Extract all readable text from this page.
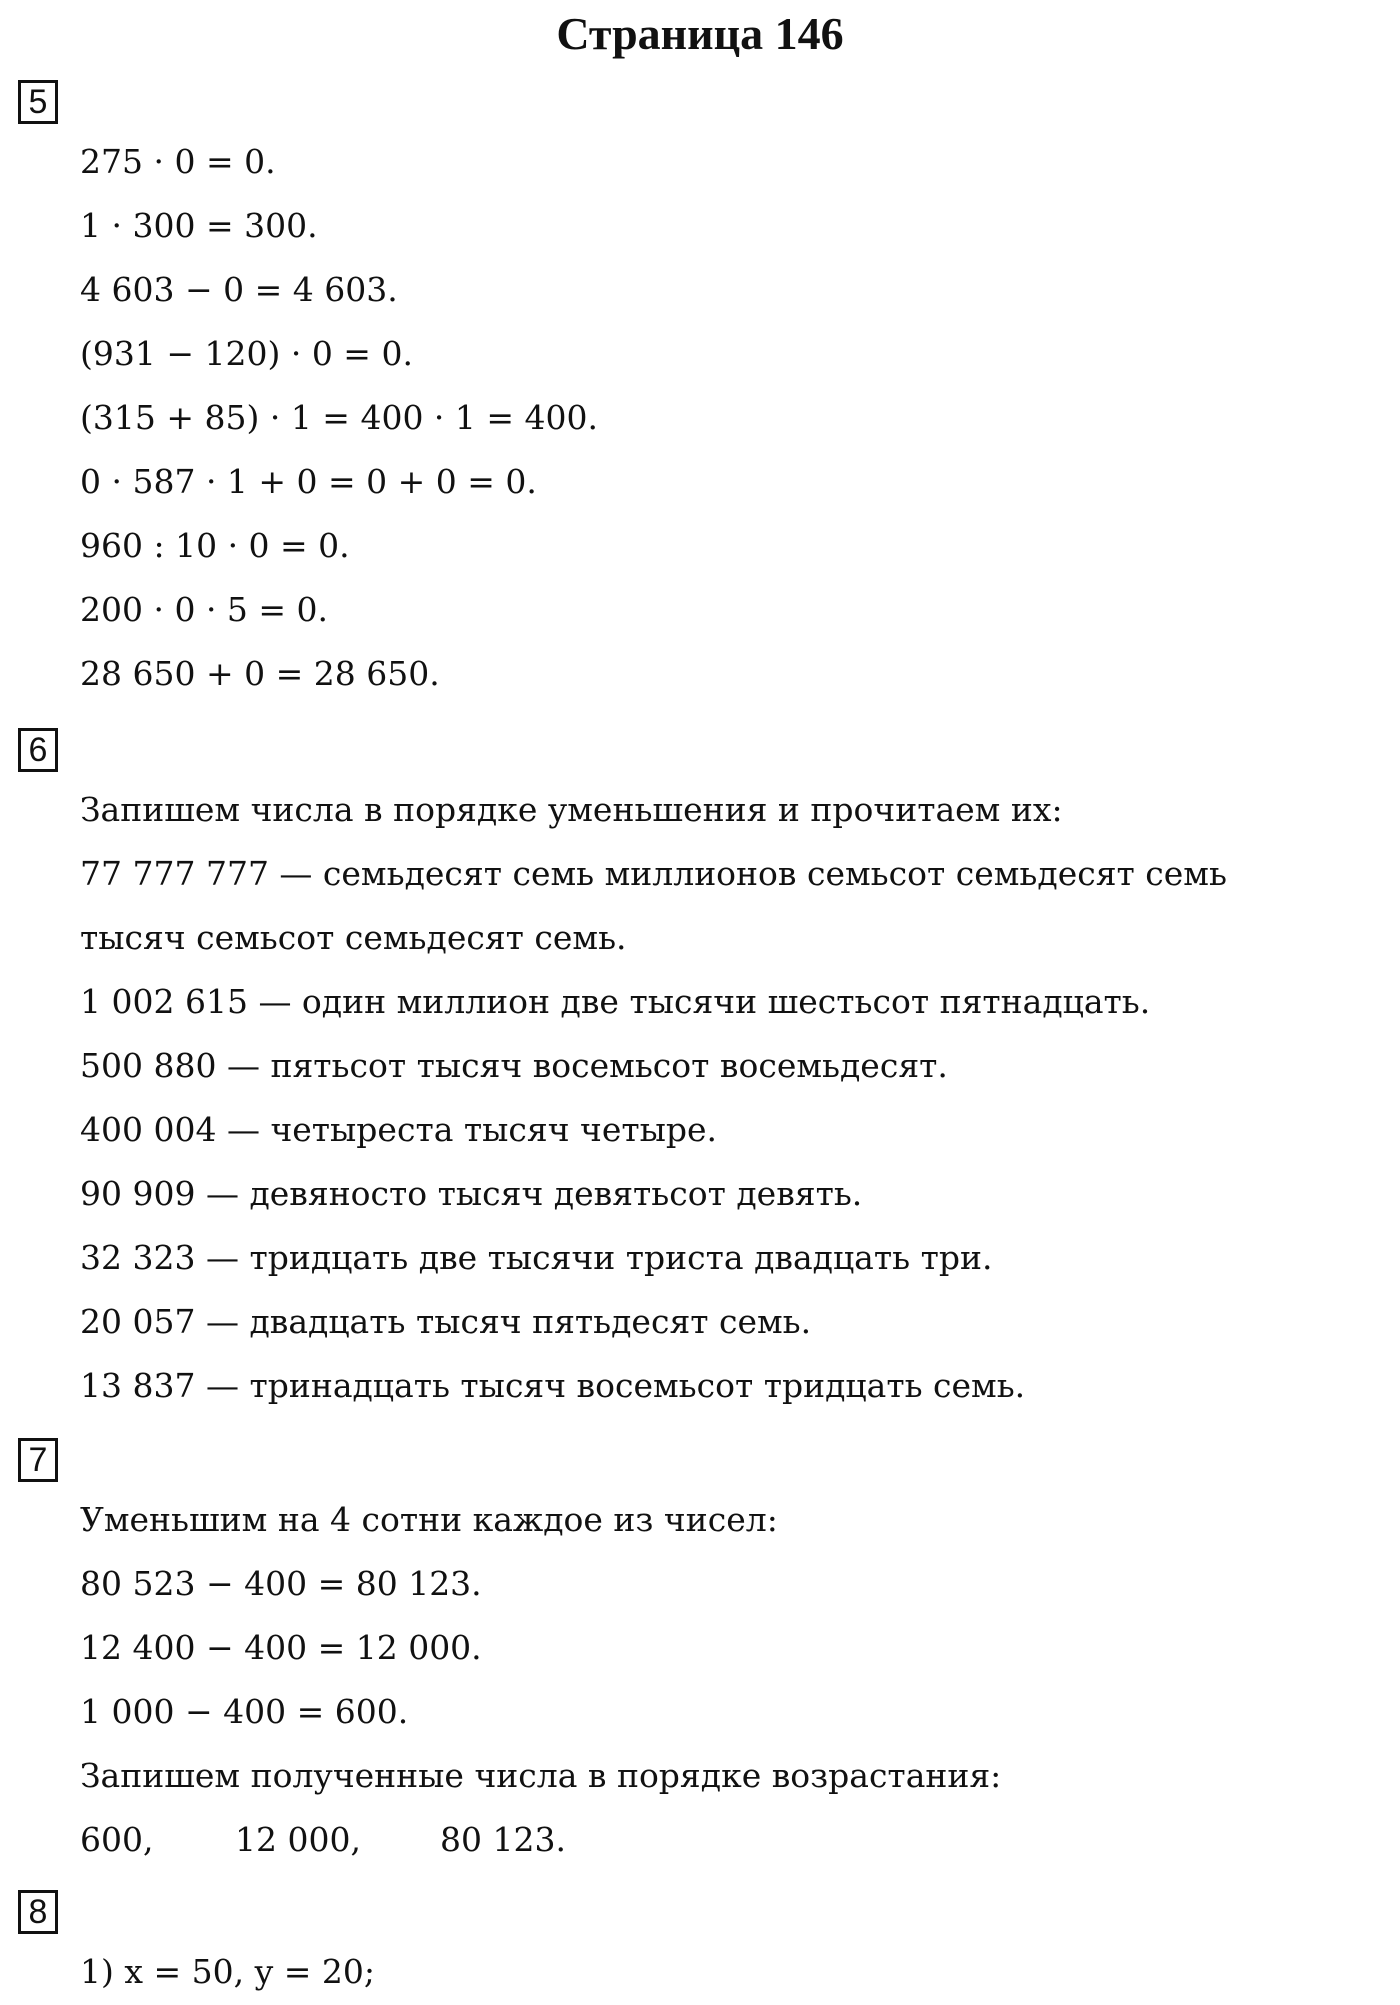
Страница 146
5
275 · 0 = 0.
1 · 300 = 300.
4 603 − 0 = 4 603.
(931 − 120) · 0 = 0.
(315 + 85) · 1 = 400 · 1 = 400.
0 · 587 · 1 + 0 = 0 + 0 = 0.
960 : 10 · 0 = 0.
200 · 0 · 5 = 0.
28 650 + 0 = 28 650.
6
Запишем числа в порядке уменьшения и прочитаем их:
77 777 777 — семьдесят семь миллионов семьсот семьдесят семь
тысяч семьсот семьдесят семь.
1 002 615 — один миллион две тысячи шестьсот пятнадцать.
500 880 — пятьсот тысяч восемьсот восемьдесят.
400 004 — четыреста тысяч четыре.
90 909 — девяносто тысяч девятьсот девять.
32 323 — тридцать две тысячи триста двадцать три.
20 057 — двадцать тысяч пятьдесят семь.
13 837 — тринадцать тысяч восемьсот тридцать семь.
7
Уменьшим на 4 сотни каждое из чисел:
80 523 − 400 = 80 123.
12 400 − 400 = 12 000.
1 000 − 400 = 600.
Запишем полученные числа в порядке возрастания:
600, 12 000, 80 123.
8
1) x = 50, y = 20;
